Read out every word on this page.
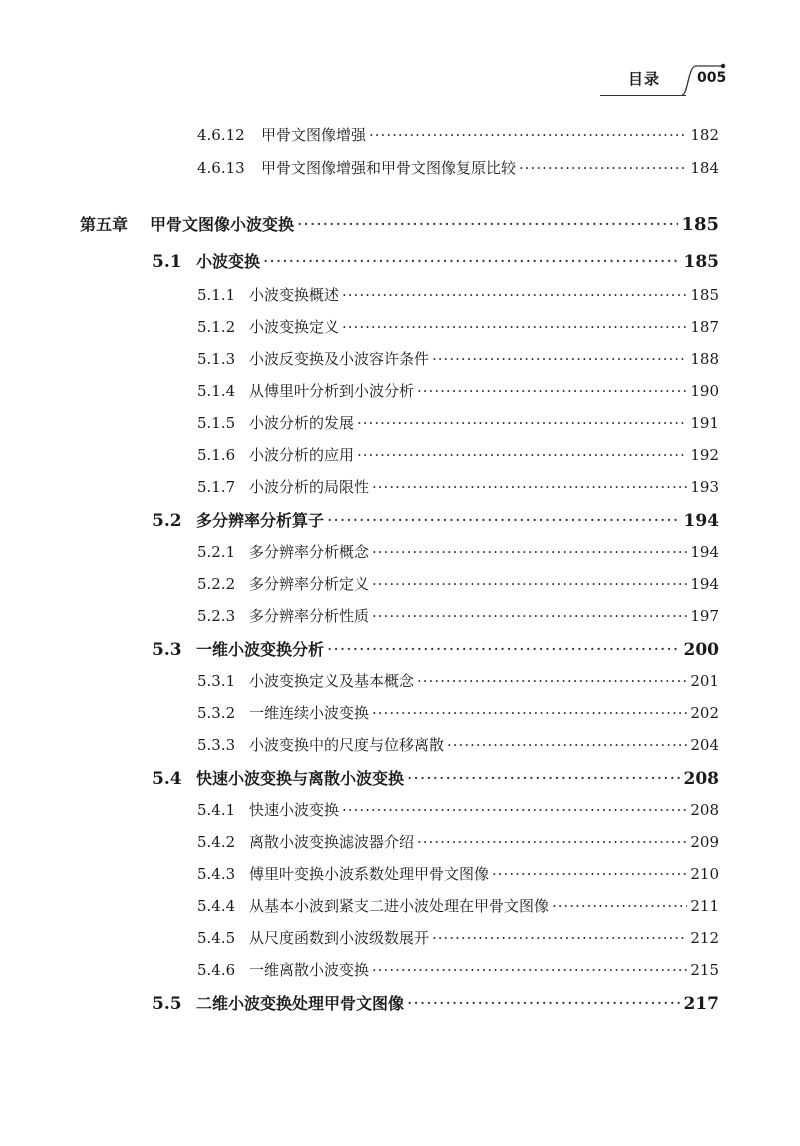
目录	005
4.6.12	甲骨文图像增强 ·····	182
4.6.13	甲骨文图像增强和甲骨文图像复原比较 ·····	184
第五章	甲骨文图像小波变换 ·····	185
5.1 小波变换 ·····	185
5.1.1 小波变换概述 ·····	185
5.1.2 小波变换定义 ·····	187
5.1.3 小波反变换及小波容许条件 ·····	188
5.1.4 从傅里叶分析到小波分析 ·····	190
5.1.5 小波分析的发展 ·····	191
5.1.6 小波分析的应用 ·····	192
5.1.7 小波分析的局限性 ·····	193
5.2 多分辨率分析算子 ·····	194
5.2.1 多分辨率分析概念 ·····	194
5.2.2 多分辨率分析定义 ·····	194
5.2.3 多分辨率分析性质 ·····	197
5.3 一维小波变换分析 ·····	200
5.3.1 小波变换定义及基本概念 ·····	201
5.3.2 一维连续小波变换 ·····	202
5.3.3 小波变换中的尺度与位移离散 ·····	204
5.4 快速小波变换与离散小波变换 ·····	208
5.4.1 快速小波变换 ·····	208
5.4.2 离散小波变换滤波器介绍 ·····	209
5.4.3 傅里叶变换小波系数处理甲骨文图像 ·····	210
5.4.4 从基本小波到紧支二进小波处理在甲骨文图像 ·····	211
5.4.5 从尺度函数到小波级数展开 ·····	212
5.4.6 一维离散小波变换 ·····	215
5.5 二维小波变换处理甲骨文图像 ·····	217
